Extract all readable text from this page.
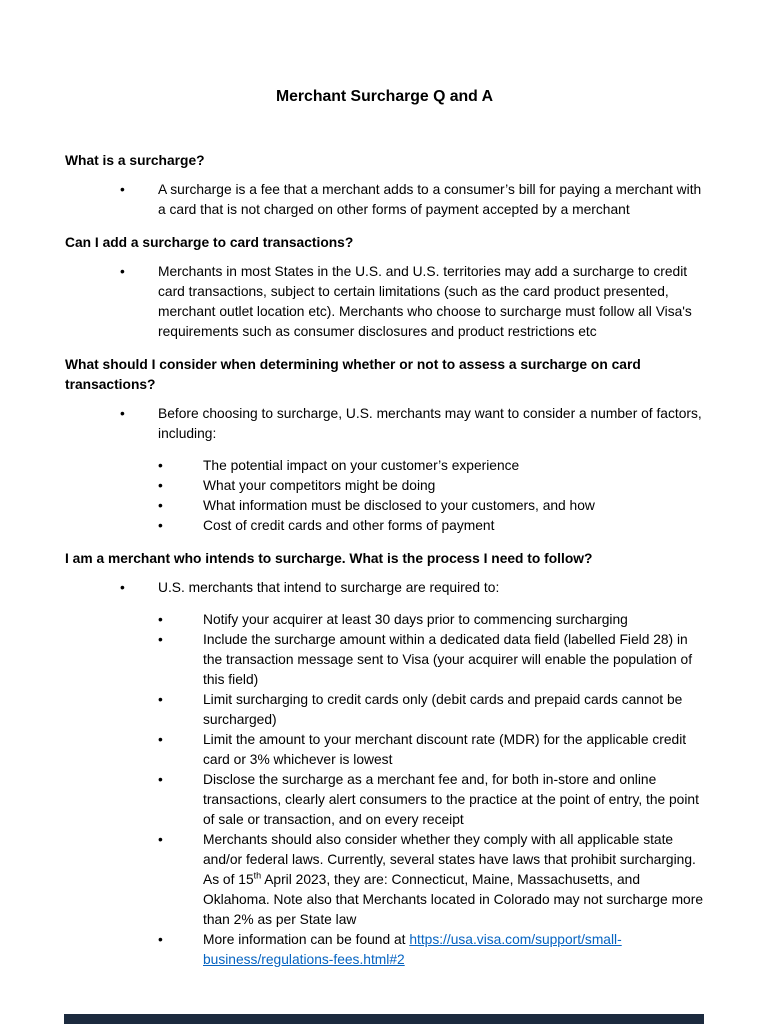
Merchant Surcharge Q and A
What is a surcharge?
•

A surcharge is a fee that a merchant adds to a consumer’s bill for paying a merchant with a card that is not charged on other forms of payment accepted by a merchant

Can I add a surcharge to card transactions?
•

Merchants in most States in the U.S. and U.S. territories may add a surcharge to credit card transactions, subject to certain limitations (such as the card product presented, merchant outlet location etc). Merchants who choose to surcharge must follow all Visa's requirements such as consumer disclosures and product restrictions etc

What should I consider when determining whether or not to assess a surcharge on card transactions?
•

Before choosing to surcharge, U.S. merchants may want to consider a number of factors, including:

•

The potential impact on your customer’s experience

•

What your competitors might be doing

•

What information must be disclosed to your customers, and how

•

Cost of credit cards and other forms of payment

I am a merchant who intends to surcharge. What is the process I need to follow?
•

U.S. merchants that intend to surcharge are required to:

•

Notify your acquirer at least 30 days prior to commencing surcharging

•

Include the surcharge amount within a dedicated data field (labelled Field 28) in the transaction message sent to Visa (your acquirer will enable the population of this field)

•

Limit surcharging to credit cards only (debit cards and prepaid cards cannot be surcharged)

•

Limit the amount to your merchant discount rate (MDR) for the applicable credit card or 3% whichever is lowest

•

Disclose the surcharge as a merchant fee and, for both in-store and online transactions, clearly alert consumers to the practice at the point of entry, the point of sale or transaction, and on every receipt

•

Merchants should also consider whether they comply with all applicable state and/or federal laws. Currently, several states have laws that prohibit surcharging. As of 15th April 2023, they are: Connecticut, Maine, Massachusetts, and Oklahoma. Note also that Merchants located in Colorado may not surcharge more than 2% as per State law

•

More information can be found at https://usa.visa.com/support/small-business/regulations-fees.html#2
